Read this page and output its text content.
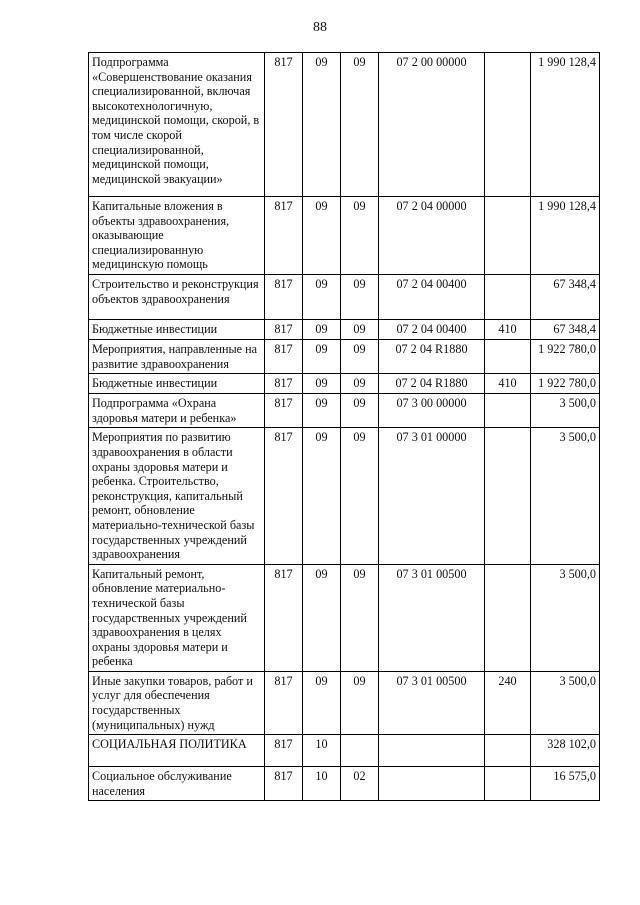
88
Подпрограмма «Совершенствование оказания специализированной, включая высокотехнологичную, медицинской помощи, скорой, в том числе скорой специализированной, медицинской помощи, медицинской эвакуации»	817	09	09	07 2 00 00000		1 990 128,4
Капитальные вложения в объекты здравоохранения, оказывающие специализированную медицинскую помощь	817	09	09	07 2 04 00000		1 990 128,4
Строительство и реконструкция объектов здравоохранения	817	09	09	07 2 04 00400		67 348,4
Бюджетные инвестиции	817	09	09	07 2 04 00400	410	67 348,4
Мероприятия, направленные на развитие здравоохранения	817	09	09	07 2 04 R1880		1 922 780,0
Бюджетные инвестиции	817	09	09	07 2 04 R1880	410	1 922 780,0
Подпрограмма «Охрана здоровья матери и ребенка»	817	09	09	07 3 00 00000		3 500,0
Мероприятия по развитию здравоохранения в области охраны здоровья матери и ребенка. Строительство, реконструкция, капитальный ремонт, обновление материально-технической базы государственных учреждений здравоохранения	817	09	09	07 3 01 00000		3 500,0
Капитальный ремонт, обновление материально-технической базы государственных учреждений здравоохранения в целях охраны здоровья матери и ребенка	817	09	09	07 3 01 00500		3 500,0
Иные закупки товаров, работ и услуг для обеспечения государственных (муниципальных) нужд	817	09	09	07 3 01 00500	240	3 500,0
СОЦИАЛЬНАЯ ПОЛИТИКА	817	10				328 102,0
Социальное обслуживание населения	817	10	02			16 575,0
